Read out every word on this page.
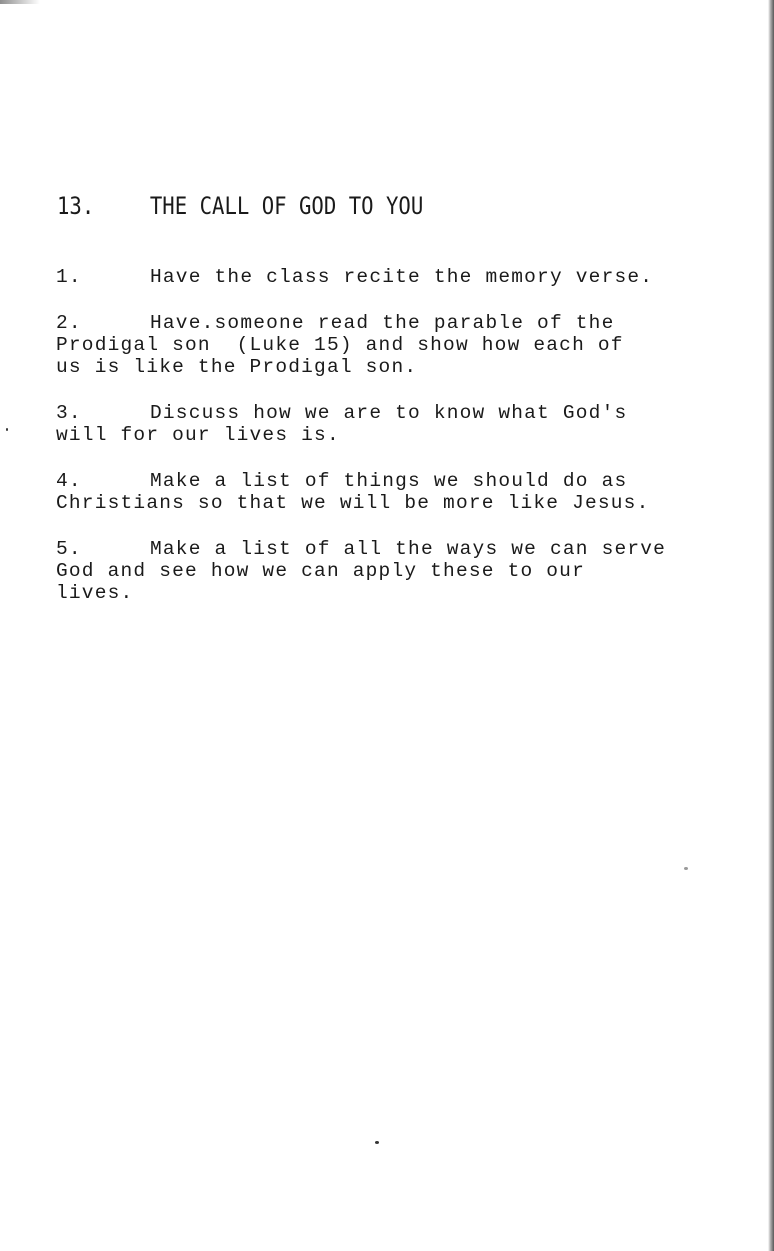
13. THE CALL OF GOD TO YOU
1.	Have the class recite the memory verse.
2.	Have.someone read the parable of the
Prodigal son  (Luke 15) and show how each of
us is like the Prodigal son.
3.	Discuss how we are to know what God's
will for our lives is.
4.	Make a list of things we should do as
Christians so that we will be more like Jesus.
5.	Make a list of all the ways we can serve
God and see how we can apply these to our
lives.
